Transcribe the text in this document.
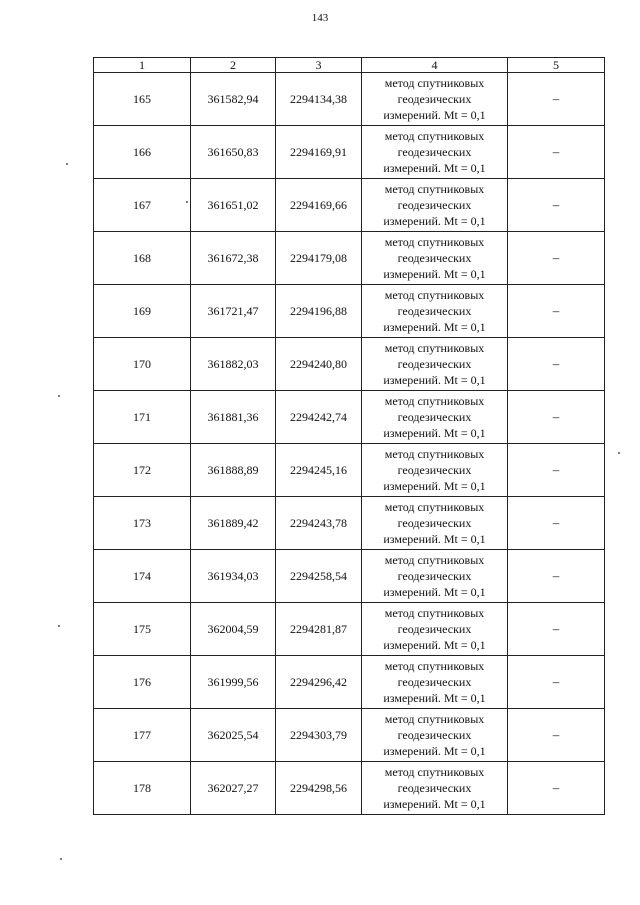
143
1	2	3	4	5
165	361582,94	2294134,38	метод спутниковых
геодезических
измерений. Mt = 0,1	–
166	361650,83	2294169,91	метод спутниковых
геодезических
измерений. Mt = 0,1	–
167	361651,02	2294169,66	метод спутниковых
геодезических
измерений. Mt = 0,1	–
168	361672,38	2294179,08	метод спутниковых
геодезических
измерений. Mt = 0,1	–
169	361721,47	2294196,88	метод спутниковых
геодезических
измерений. Mt = 0,1	–
170	361882,03	2294240,80	метод спутниковых
геодезических
измерений. Mt = 0,1	–
171	361881,36	2294242,74	метод спутниковых
геодезических
измерений. Mt = 0,1	–
172	361888,89	2294245,16	метод спутниковых
геодезических
измерений. Mt = 0,1	–
173	361889,42	2294243,78	метод спутниковых
геодезических
измерений. Mt = 0,1	–
174	361934,03	2294258,54	метод спутниковых
геодезических
измерений. Mt = 0,1	–
175	362004,59	2294281,87	метод спутниковых
геодезических
измерений. Mt = 0,1	–
176	361999,56	2294296,42	метод спутниковых
геодезических
измерений. Mt = 0,1	–
177	362025,54	2294303,79	метод спутниковых
геодезических
измерений. Mt = 0,1	–
178	362027,27	2294298,56	метод спутниковых
геодезических
измерений. Mt = 0,1	–
